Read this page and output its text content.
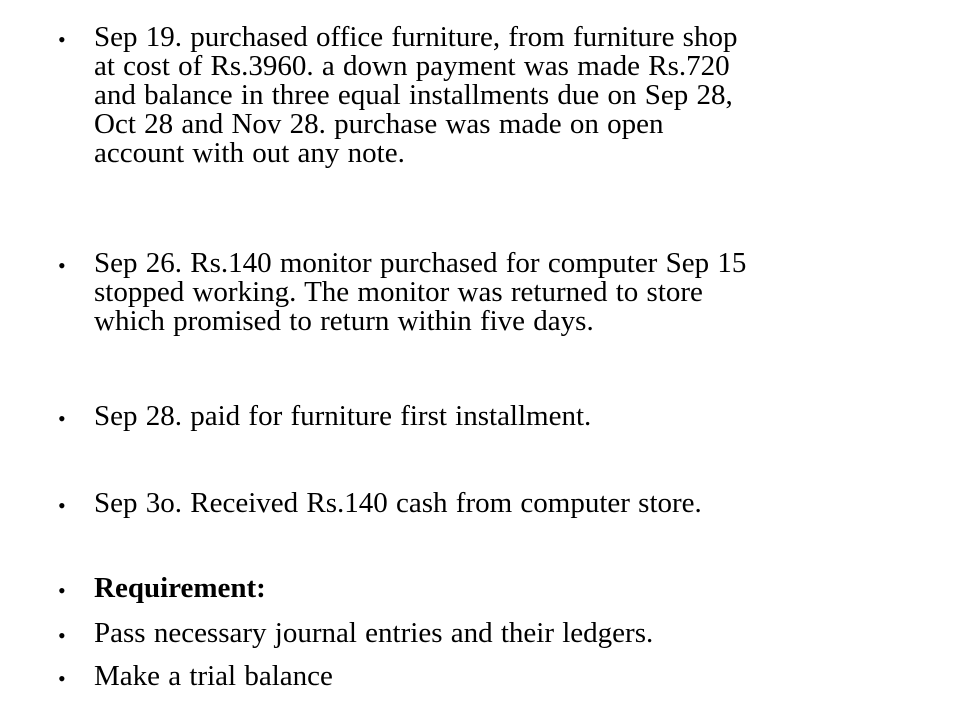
• Sep 19. purchased office furniture, from furniture shop
at cost of Rs.3960. a down payment was made Rs.720
and balance in three equal installments due on Sep 28,
Oct 28 and Nov 28. purchase was made on open
account with out any note.
• Sep 26. Rs.140 monitor purchased for computer Sep 15
stopped working. The monitor was returned to store
which promised to return within five days.
• Sep 28. paid for furniture first installment.
• Sep 3o. Received Rs.140 cash from computer store.
• Requirement:
• Pass necessary journal entries and their ledgers.
• Make a trial balance
